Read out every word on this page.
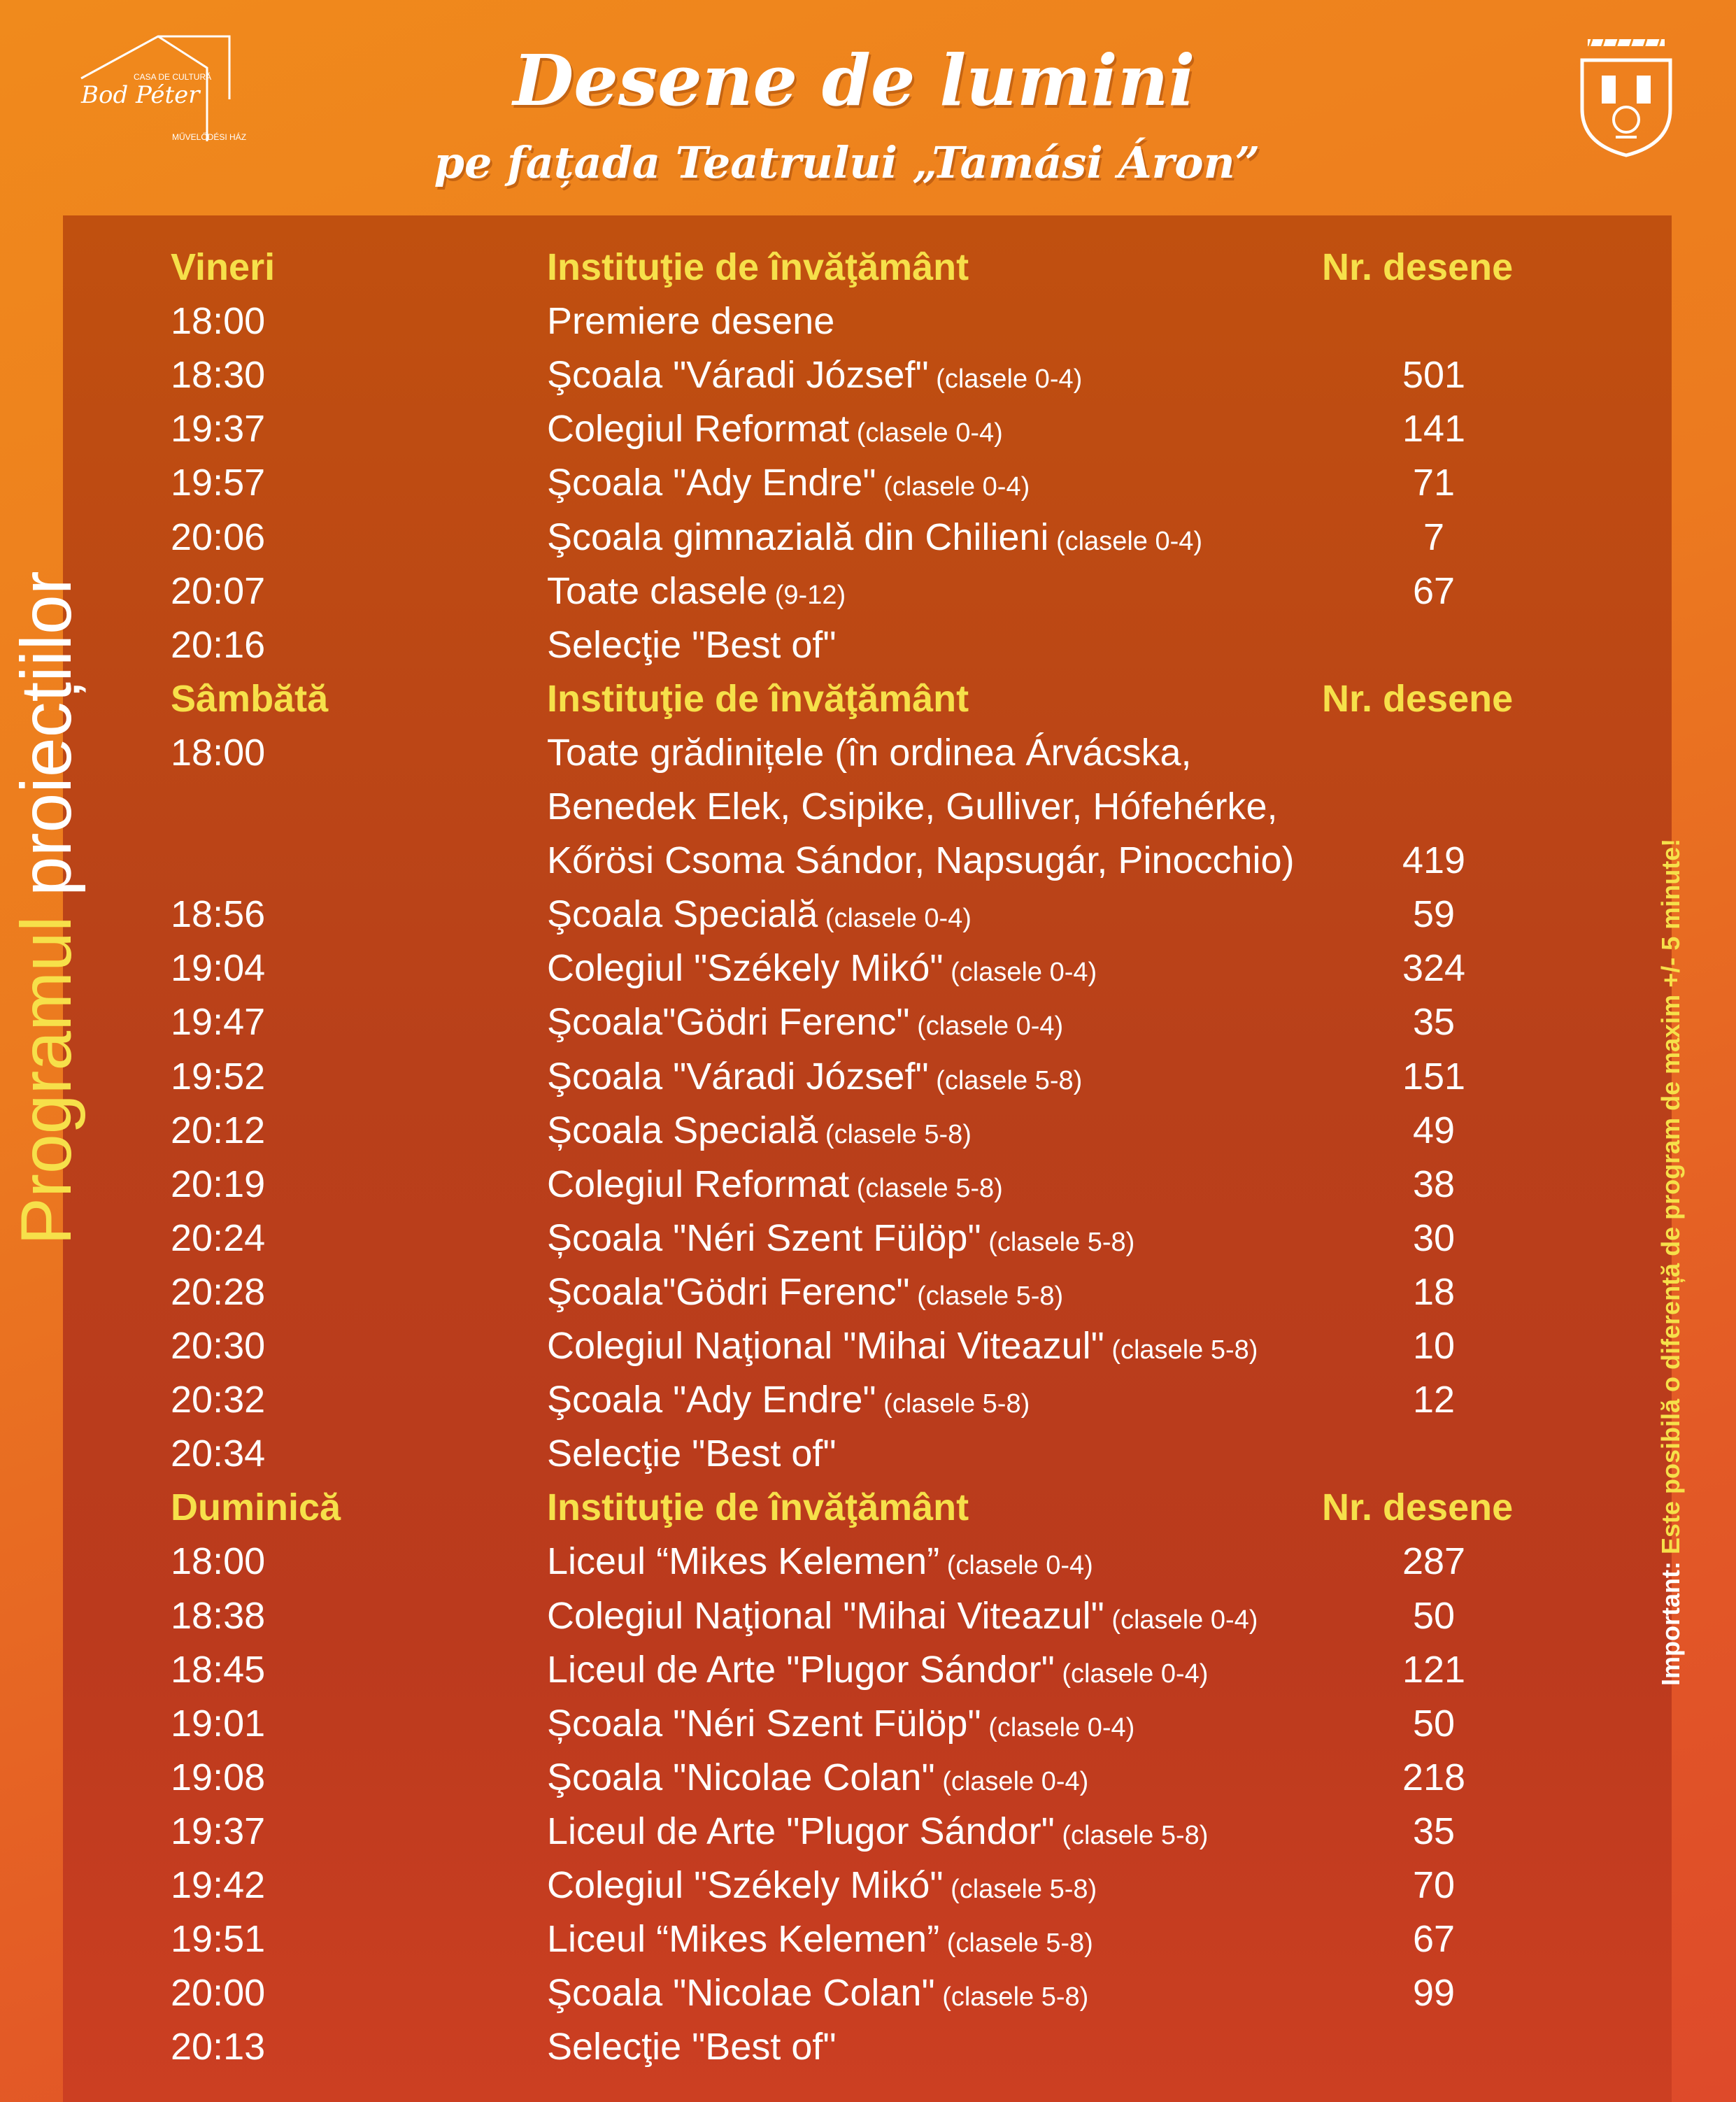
CASA DE CULTURĂ
Bod Péter
MŰVELŐDÉSI HÁZ
Desene de lumini
pe fațada Teatrului „Tamási Áron”
Programul proiecțiilor
Important: Este posibilă o diferență de program de maxim +/- 5 minute!
Vineri	Instituţie de învăţământ	Nr. desene
18:00	Premiere desene
18:30	Şcoala "Váradi József" (clasele 0-4)	501
19:37	Colegiul Reformat (clasele 0-4)	141
19:57	Şcoala "Ady Endre" (clasele 0-4)	71
20:06	Şcoala gimnazială din Chilieni (clasele 0-4)	7
20:07	Toate clasele (9-12)	67
20:16	Selecţie "Best of"
Sâmbătă	Instituţie de învăţământ	Nr. desene
18:00	Toate grădinițele (în ordinea Árvácska,
Benedek Elek, Csipike, Gulliver, Hófehérke,
Kőrösi Csoma Sándor, Napsugár, Pinocchio)	419
18:56	Şcoala Specială (clasele 0-4)	59
19:04	Colegiul "Székely Mikó" (clasele 0-4)	324
19:47	Şcoala"Gödri Ferenc" (clasele 0-4)	35
19:52	Şcoala "Váradi József" (clasele 5-8)	151
20:12	Școala Specială (clasele 5-8)	49
20:19	Colegiul Reformat (clasele 5-8)	38
20:24	Școala "Néri Szent Fülöp" (clasele 5-8)	30
20:28	Şcoala"Gödri Ferenc" (clasele 5-8)	18
20:30	Colegiul Naţional "Mihai Viteazul" (clasele 5-8)	10
20:32	Şcoala "Ady Endre" (clasele 5-8)	12
20:34	Selecţie "Best of"
Duminică	Instituţie de învăţământ	Nr. desene
18:00	Liceul “Mikes Kelemen” (clasele 0-4)	287
18:38	Colegiul Naţional "Mihai Viteazul" (clasele 0-4)	50
18:45	Liceul de Arte "Plugor Sándor" (clasele 0-4)	121
19:01	Școala "Néri Szent Fülöp" (clasele 0-4)	50
19:08	Şcoala "Nicolae Colan" (clasele 0-4)	218
19:37	Liceul de Arte "Plugor Sándor" (clasele 5-8)	35
19:42	Colegiul "Székely Mikó" (clasele 5-8)	70
19:51	Liceul “Mikes Kelemen” (clasele 5-8)	67
20:00	Şcoala "Nicolae Colan" (clasele 5-8)	99
20:13	Selecţie "Best of"
